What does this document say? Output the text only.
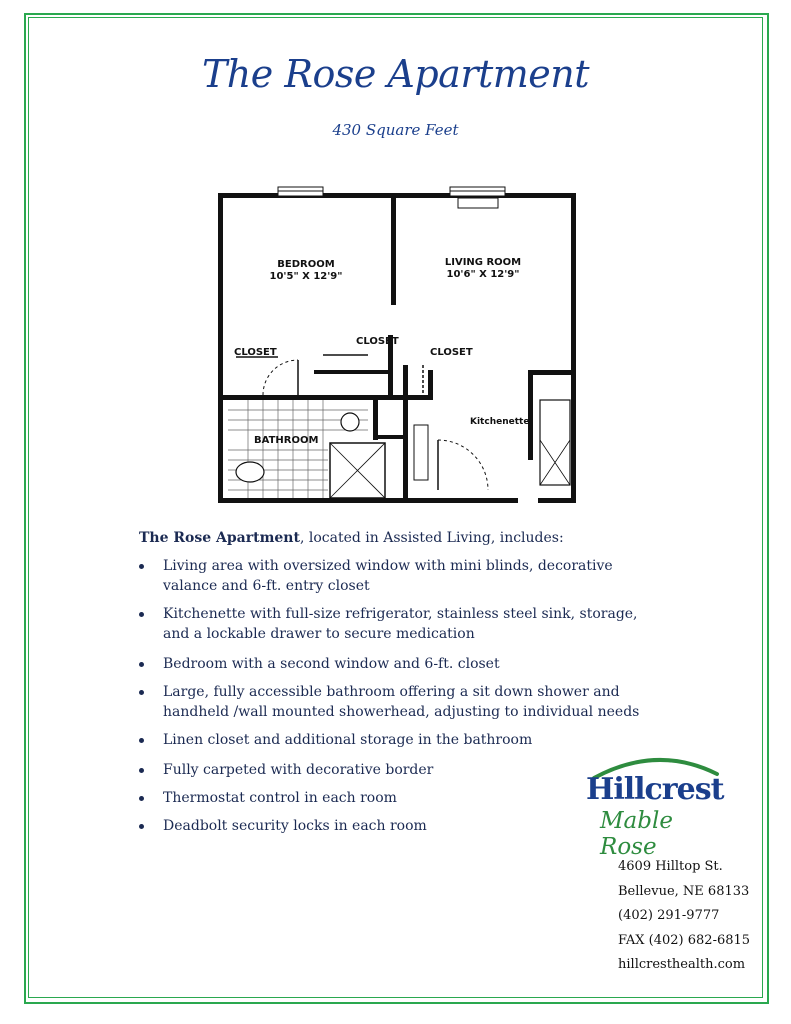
The Rose Apartment
430 Square Feet
BEDROOM
10'5" X 12'9"
LIVING ROOM
10'6" X 12'9"
CLOSET
CLOSET
CLOSET
Kitchenette
BATHROOM
The Rose Apartment, located in Assisted Living, includes:
Living area with oversized window with mini blinds, decorative
valance and 6-ft. entry closet
Kitchenette with full-size refrigerator, stainless steel sink, storage,
and a lockable drawer to secure medication
Bedroom with a second window and 6-ft. closet
Large, fully accessible bathroom offering a sit down shower and
handheld /wall mounted showerhead, adjusting to individual needs
Linen closet and additional storage in the bathroom
Fully carpeted with decorative border
Thermostat control in each room
Deadbolt security locks in each room
Hillcrest
Mable Rose
4609 Hilltop St.
Bellevue, NE 68133
(402) 291-9777
FAX (402) 682-6815
hillcresthealth.com
